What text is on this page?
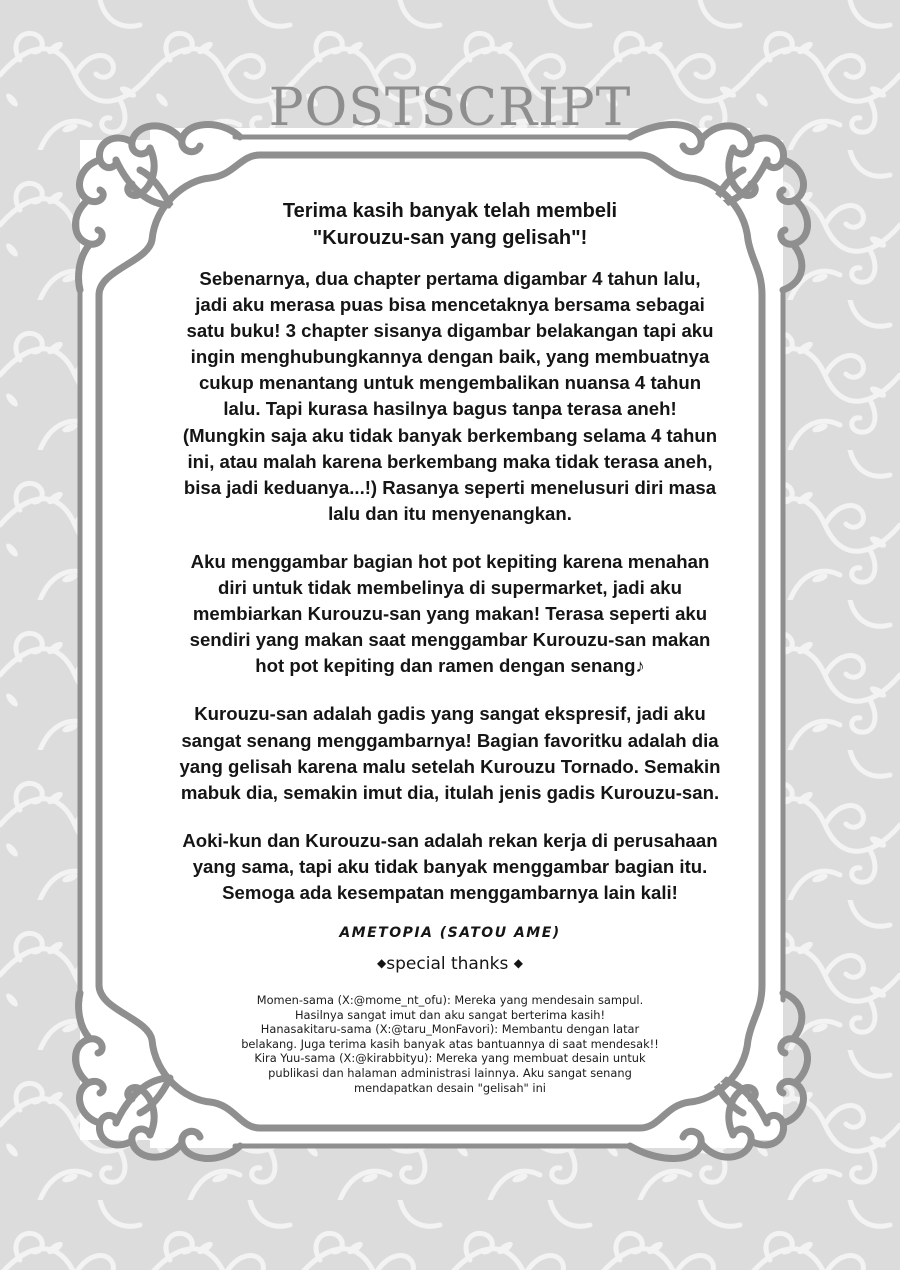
POSTSCRIPT
Terima kasih banyak telah membeli
"Kurouzu-san yang gelisah"!
Sebenarnya, dua chapter pertama digambar 4 tahun lalu,
jadi aku merasa puas bisa mencetaknya bersama sebagai
satu buku! 3 chapter sisanya digambar belakangan tapi aku
ingin menghubungkannya dengan baik, yang membuatnya
cukup menantang untuk mengembalikan nuansa 4 tahun
lalu. Tapi kurasa hasilnya bagus tanpa terasa aneh!
(Mungkin saja aku tidak banyak berkembang selama 4 tahun
ini, atau malah karena berkembang maka tidak terasa aneh,
bisa jadi keduanya...!) Rasanya seperti menelusuri diri masa
lalu dan itu menyenangkan.
Aku menggambar bagian hot pot kepiting karena menahan
diri untuk tidak membelinya di supermarket, jadi aku
membiarkan Kurouzu-san yang makan! Terasa seperti aku
sendiri yang makan saat menggambar Kurouzu-san makan
hot pot kepiting dan ramen dengan senang♪
Kurouzu-san adalah gadis yang sangat ekspresif, jadi aku
sangat senang menggambarnya! Bagian favoritku adalah dia
yang gelisah karena malu setelah Kurouzu Tornado. Semakin
mabuk dia, semakin imut dia, itulah jenis gadis Kurouzu-san.
Aoki-kun dan Kurouzu-san adalah rekan kerja di perusahaan
yang sama, tapi aku tidak banyak menggambar bagian itu.
Semoga ada kesempatan menggambarnya lain kali!
AMETOPIA (SATOU AME)
◆special thanks ◆
Momen-sama (X:@mome_nt_ofu): Mereka yang mendesain sampul.
Hasilnya sangat imut dan aku sangat berterima kasih!
Hanasakitaru-sama (X:@taru_MonFavori): Membantu dengan latar
belakang. Juga terima kasih banyak atas bantuannya di saat mendesak!!
Kira Yuu-sama (X:@kirabbityu): Mereka yang membuat desain untuk
publikasi dan halaman administrasi lainnya. Aku sangat senang
mendapatkan desain "gelisah" ini
